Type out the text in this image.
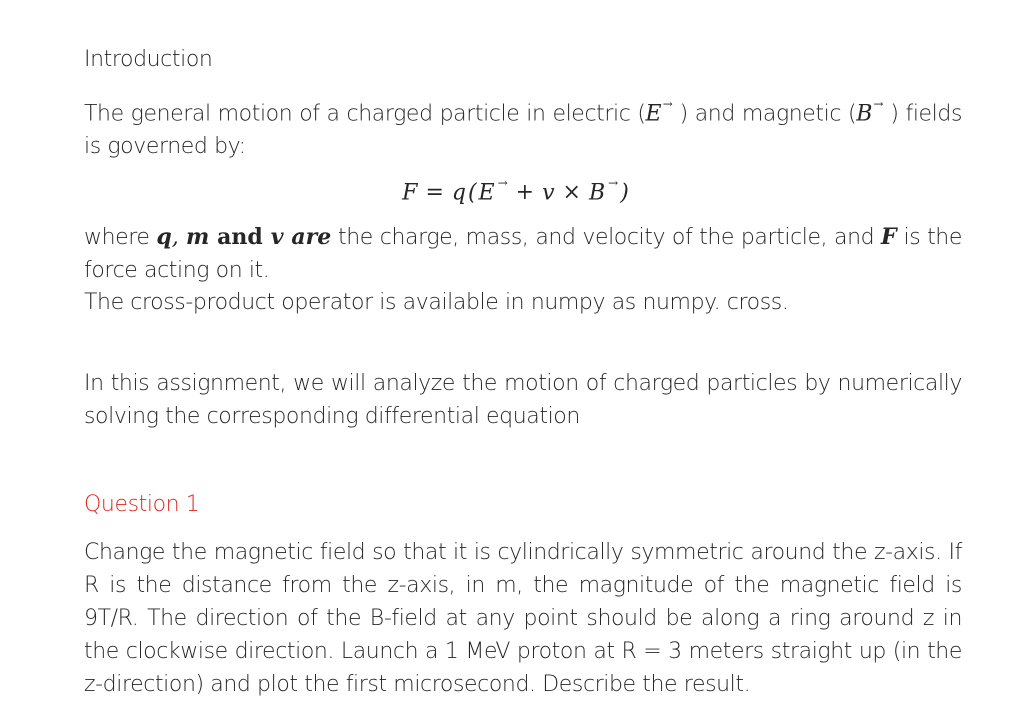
Introduction

The general motion of a charged particle in electric (E→ ) and magnetic (B→ ) fields is governed by:

F = q(E→ + v × B→)

where q, m and v are the charge, mass, and velocity of the particle, and F is the force acting on it.

The cross-product operator is available in numpy as numpy. cross.

In this assignment, we will analyze the motion of charged particles by numerically solving the corresponding differential equation

Question 1

Change the magnetic field so that it is cylindrically symmetric around the z-axis. If R is the distance from the z-axis, in m, the magnitude of the magnetic field is 9T/R. The direction of the B-field at any point should be along a ring around z in the clockwise direction. Launch a 1 MeV proton at R = 3 meters straight up (in the z-direction) and plot the first microsecond. Describe the result.
